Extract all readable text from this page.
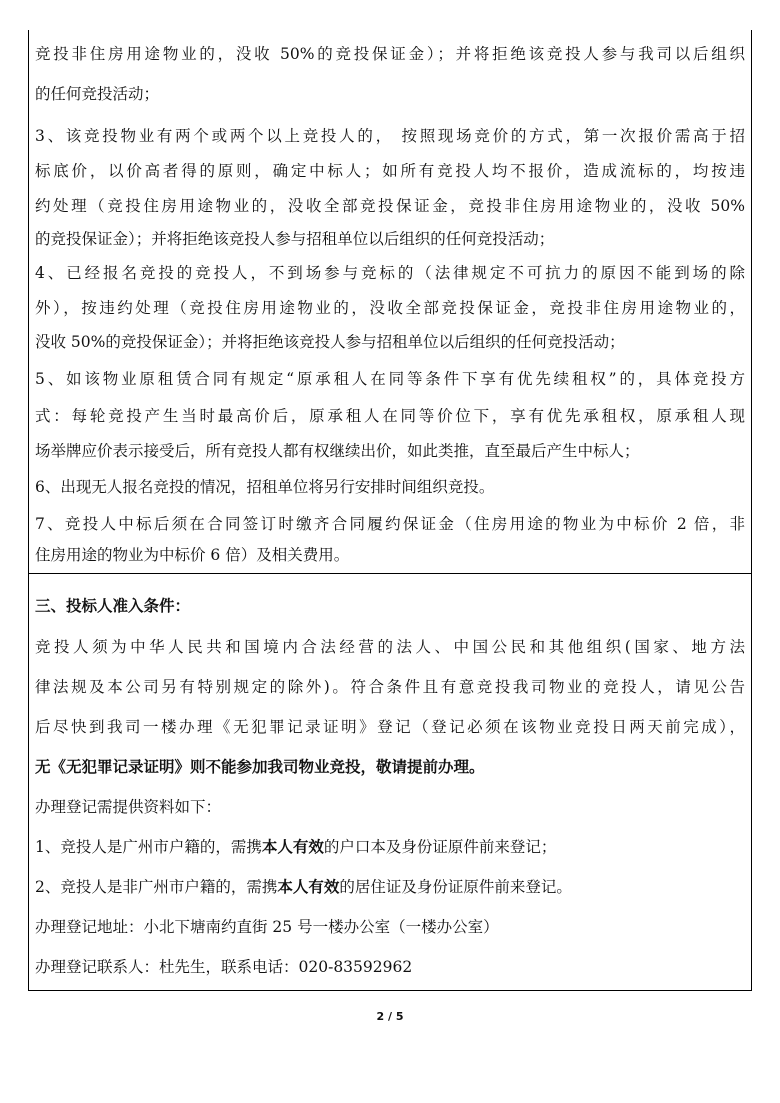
竞投非住房用途物业的，没收 50%的竞投保证金）；并将拒绝该竞投人参与我司以后组织
的任何竞投活动；
3、该竞投物业有两个或两个以上竞投人的， 按照现场竞价的方式，第一次报价需高于招
标底价，以价高者得的原则，确定中标人；如所有竞投人均不报价，造成流标的，均按违
约处理（竞投住房用途物业的，没收全部竞投保证金，竞投非住房用途物业的，没收 50%
的竞投保证金）；并将拒绝该竞投人参与招租单位以后组织的任何竞投活动；
4、已经报名竞投的竞投人，不到场参与竞标的（法律规定不可抗力的原因不能到场的除
外），按违约处理（竞投住房用途物业的，没收全部竞投保证金，竞投非住房用途物业的，
没收 50%的竞投保证金）；并将拒绝该竞投人参与招租单位以后组织的任何竞投活动；
5、如该物业原租赁合同有规定“原承租人在同等条件下享有优先续租权”的，具体竞投方
式：每轮竞投产生当时最高价后，原承租人在同等价位下，享有优先承租权，原承租人现
场举牌应价表示接受后，所有竞投人都有权继续出价，如此类推，直至最后产生中标人；
6、出现无人报名竞投的情况，招租单位将另行安排时间组织竞投。
7、竞投人中标后须在合同签订时缴齐合同履约保证金（住房用途的物业为中标价 2 倍，非
住房用途的物业为中标价 6 倍）及相关费用。
三、投标人准入条件：
竞投人须为中华人民共和国境内合法经营的法人、中国公民和其他组织(国家、地方法
律法规及本公司另有特别规定的除外)。符合条件且有意竞投我司物业的竞投人，请见公告
后尽快到我司一楼办理《无犯罪记录证明》登记（登记必须在该物业竞投日两天前完成），
无《无犯罪记录证明》则不能参加我司物业竞投，敬请提前办理。
办理登记需提供资料如下：
1、竞投人是广州市户籍的，需携本人有效的户口本及身份证原件前来登记；
2、竞投人是非广州市户籍的，需携本人有效的居住证及身份证原件前来登记。
办理登记地址：小北下塘南约直街 25 号一楼办公室（一楼办公室）
办理登记联系人：杜先生，联系电话：020-83592962
2 / 5
